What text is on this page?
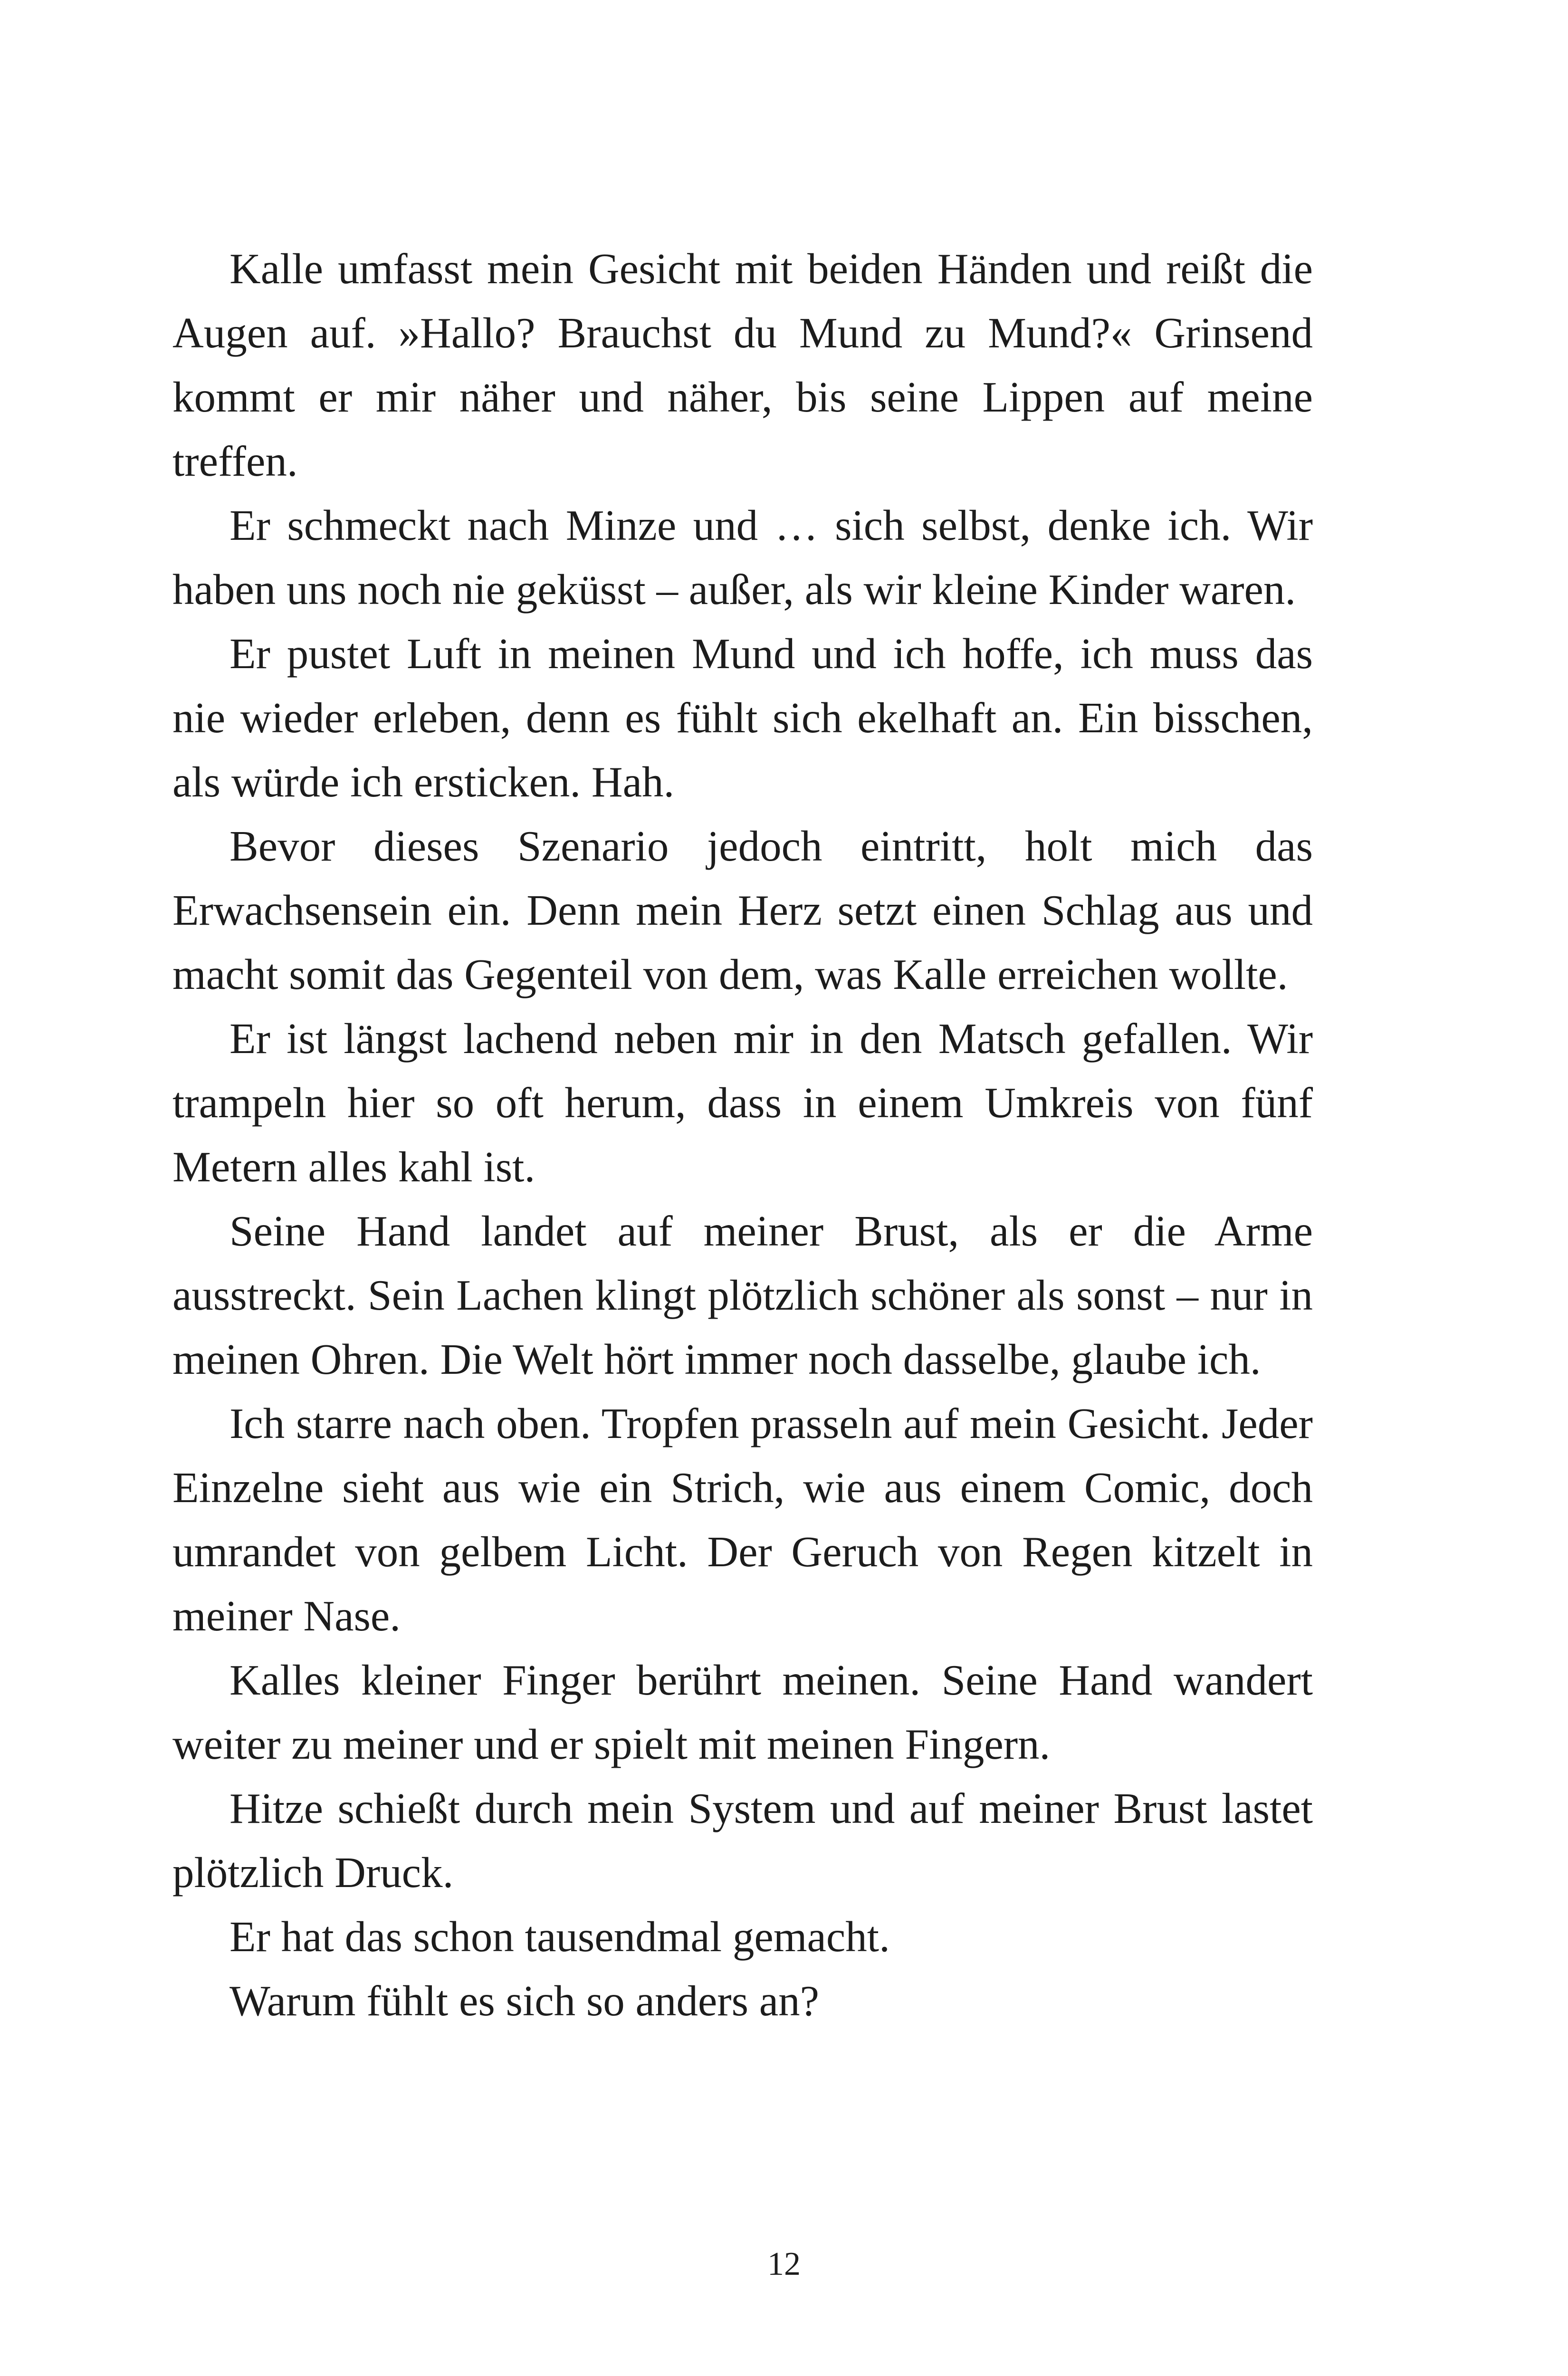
Kalle umfasst mein Gesicht mit beiden Händen und reißt die Augen auf. »Hallo? Brauchst du Mund zu Mund?« Grinsend kommt er mir näher und näher, bis seine Lippen auf meine treffen.

Er schmeckt nach Minze und … sich selbst, denke ich. Wir haben uns noch nie geküsst – außer, als wir kleine Kinder waren.

Er pustet Luft in meinen Mund und ich hoffe, ich muss das nie wieder erleben, denn es fühlt sich ekelhaft an. Ein bisschen, als würde ich ersticken. Hah.

Bevor dieses Szenario jedoch eintritt, holt mich das Erwachsensein ein. Denn mein Herz setzt einen Schlag aus und macht somit das Gegenteil von dem, was Kalle erreichen wollte.

Er ist längst lachend neben mir in den Matsch gefallen. Wir trampeln hier so oft herum, dass in einem Umkreis von fünf Metern alles kahl ist.

Seine Hand landet auf meiner Brust, als er die Arme ausstreckt. Sein Lachen klingt plötzlich schöner als sonst – nur in meinen Ohren. Die Welt hört immer noch dasselbe, glaube ich.

Ich starre nach oben. Tropfen prasseln auf mein Gesicht. Jeder Einzelne sieht aus wie ein Strich, wie aus einem Comic, doch umrandet von gelbem Licht. Der Geruch von Regen kitzelt in meiner Nase.

Kalles kleiner Finger berührt meinen. Seine Hand wandert weiter zu meiner und er spielt mit meinen Fingern.

Hitze schießt durch mein System und auf meiner Brust lastet plötzlich Druck.

Er hat das schon tausendmal gemacht.

Warum fühlt es sich so anders an?

12
